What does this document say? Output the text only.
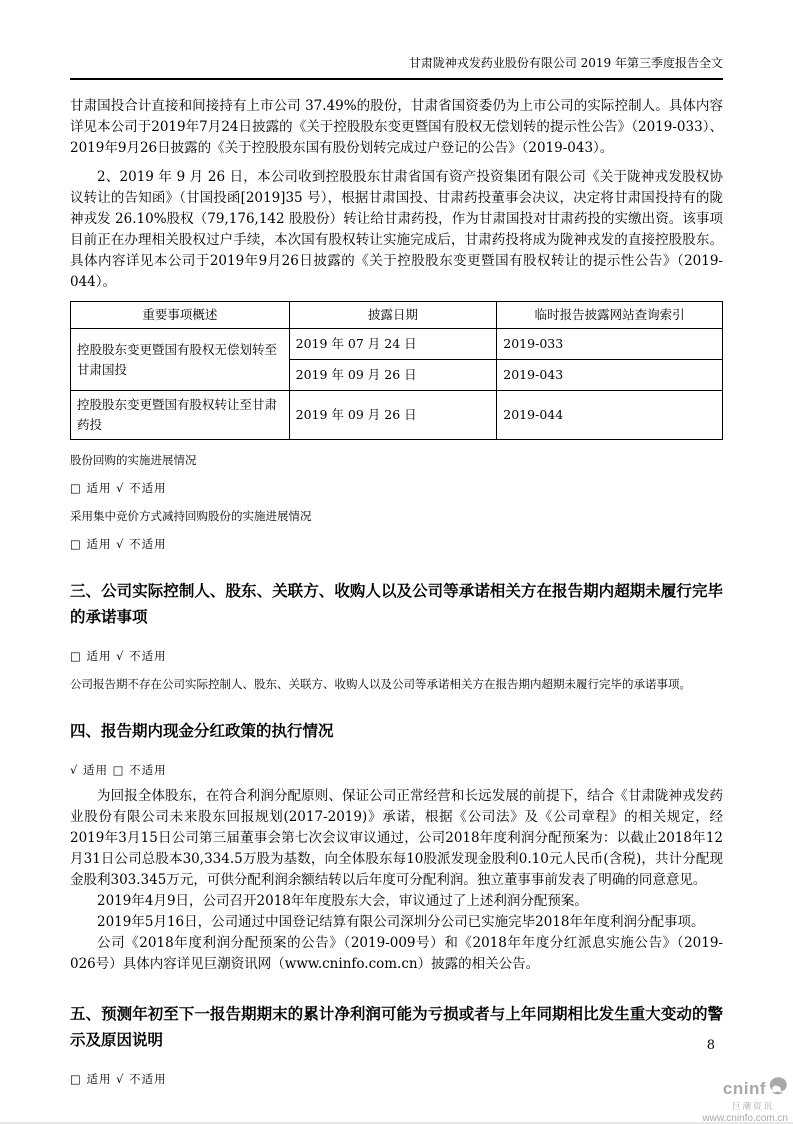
甘肃陇神戎发药业股份有限公司 2019 年第三季度报告全文

甘肃国投合计直接和间接持有上市公司 37.49%的股份，甘肃省国资委仍为上市公司的实际控制人。具体内容详见本公司于2019年7月24日披露的《关于控股股东变更暨国有股权无偿划转的提示性公告》（2019-033）、2019年9月26日披露的《关于控股股东国有股份划转完成过户登记的公告》（2019-043）。

2、2019 年 9 月 26 日，本公司收到控股股东甘肃省国有资产投资集团有限公司《关于陇神戎发股权协议转让的告知函》（甘国投函[2019]35 号），根据甘肃国投、甘肃药投董事会决议，决定将甘肃国投持有的陇神戎发 26.10%股权（79,176,142 股股份）转让给甘肃药投，作为甘肃国投对甘肃药投的实缴出资。该事项目前正在办理相关股权过户手续，本次国有股权转让实施完成后，甘肃药投将成为陇神戎发的直接控股股东。具体内容详见本公司于2019年9月26日披露的《关于控股股东变更暨国有股权转让的提示性公告》（2019-044）。

重要事项概述	披露日期	临时报告披露网站查询索引
控股股东变更暨国有股权无偿划转至甘肃国投	2019 年 07 月 24 日	2019-033
	2019 年 09 月 26 日	2019-043
控股股东变更暨国有股权转让至甘肃药投	2019 年 09 月 26 日	2019-044
股份回购的实施进展情况
□ 适用 √ 不适用
采用集中竞价方式减持回购股份的实施进展情况
□ 适用 √ 不适用
三、公司实际控制人、股东、关联方、收购人以及公司等承诺相关方在报告期内超期未履行完毕的承诺事项
□ 适用 √ 不适用
公司报告期不存在公司实际控制人、股东、关联方、收购人以及公司等承诺相关方在报告期内超期未履行完毕的承诺事项。
四、报告期内现金分红政策的执行情况
√ 适用 □ 不适用

为回报全体股东，在符合利润分配原则、保证公司正常经营和长远发展的前提下，结合《甘肃陇神戎发药业股份有限公司未来股东回报规划(2017-2019)》承诺，根据《公司法》及《公司章程》的相关规定，经2019年3月15日公司第三届董事会第七次会议审议通过，公司2018年度利润分配预案为：以截止2018年12月31日公司总股本30,334.5万股为基数，向全体股东每10股派发现金股利0.10元人民币(含税)，共计分配现金股利303.345万元，可供分配利润余额结转以后年度可分配利润。独立董事事前发表了明确的同意意见。

2019年4月9日，公司召开2018年年度股东大会，审议通过了上述利润分配预案。

2019年5月16日，公司通过中国登记结算有限公司深圳分公司已实施完毕2018年年度利润分配事项。

公司《2018年度利润分配预案的公告》（2019-009号）和《2018年年度分红派息实施公告》（2019-026号）具体内容详见巨潮资讯网（www.cninfo.com.cn）披露的相关公告。

五、预测年初至下一报告期期末的累计净利润可能为亏损或者与上年同期相比发生重大变动的警示及原因说明
□ 适用 √ 不适用
8
cninf
巨潮资讯
www.cninfo.com.cn
